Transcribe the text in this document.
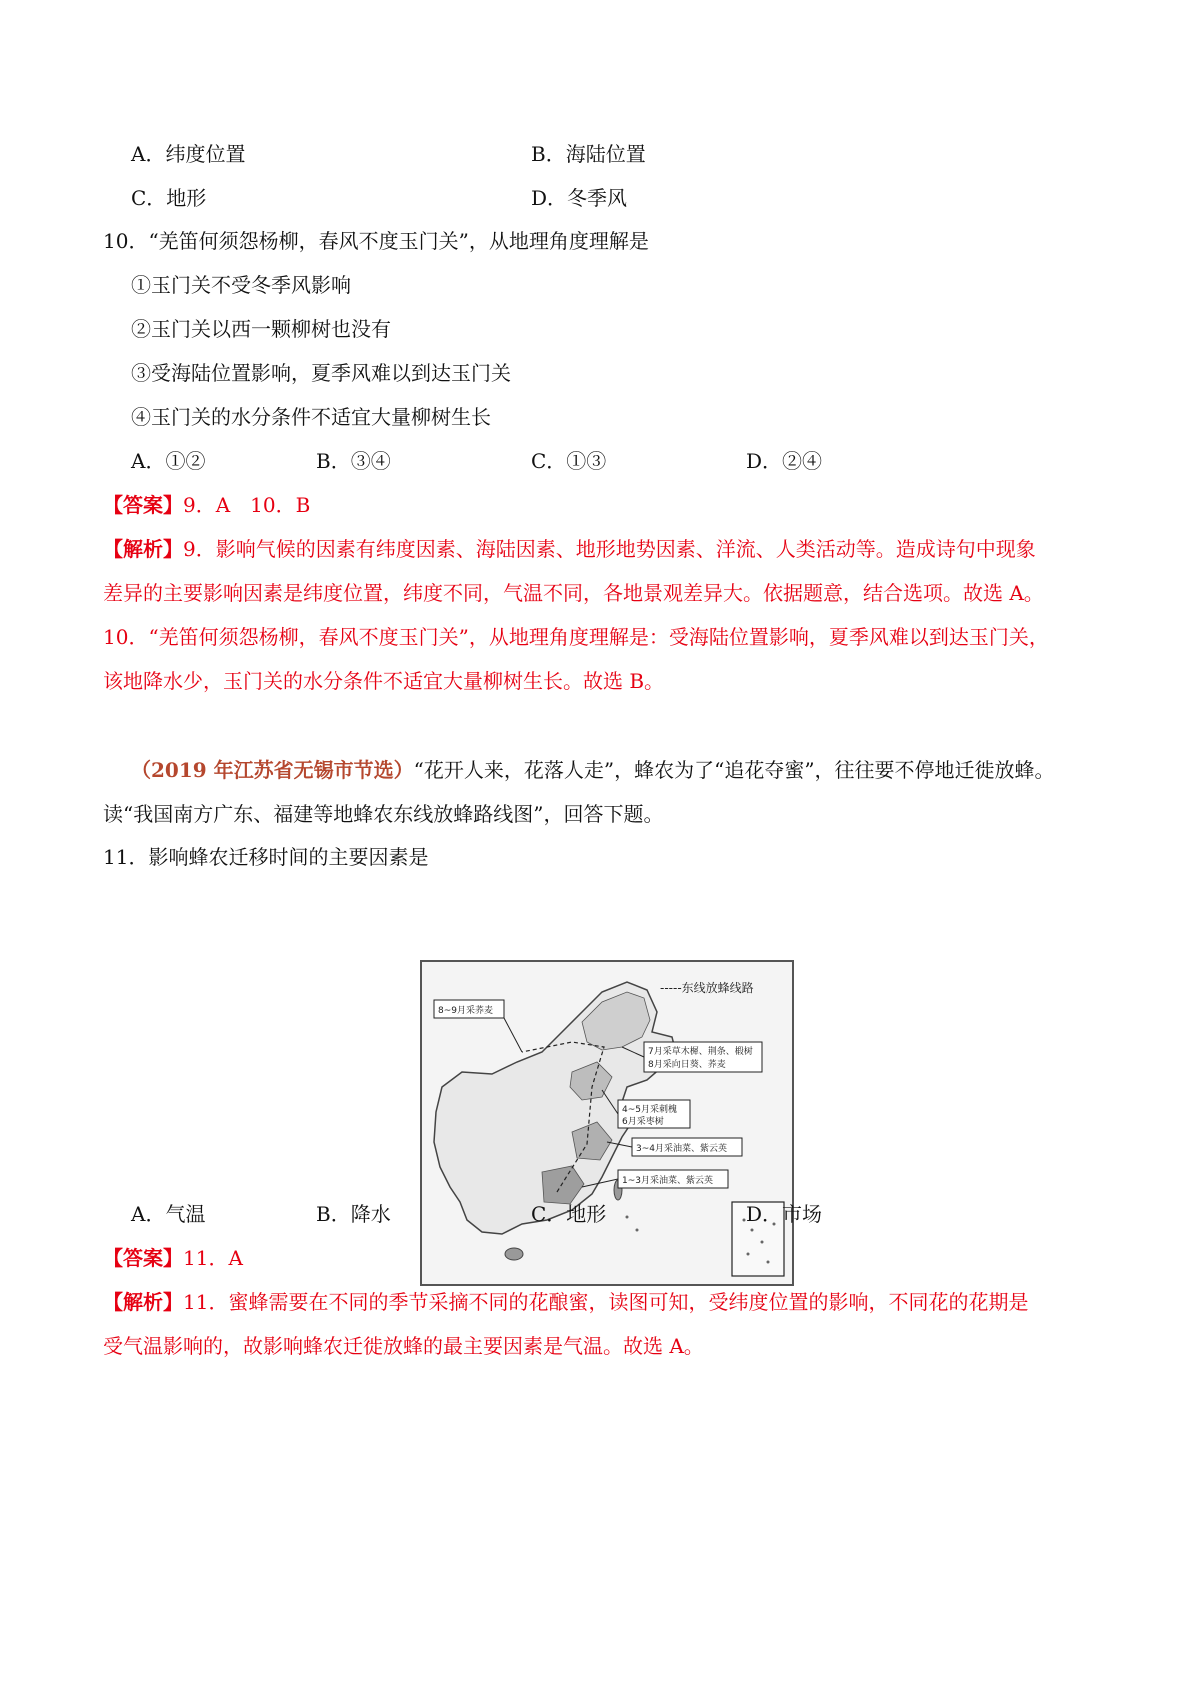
A．纬度位置	B．海陆位置
C．地形	D．冬季风
10．“羌笛何须怨杨柳，春风不度玉门关”，从地理角度理解是
①玉门关不受冬季风影响
②玉门关以西一颗柳树也没有
③受海陆位置影响，夏季风难以到达玉门关
④玉门关的水分条件不适宜大量柳树生长
A．①②	B．③④	C．①③	D．②④
【答案】9．A　10．B
【解析】9．影响气候的因素有纬度因素、海陆因素、地形地势因素、洋流、人类活动等。造成诗句中现象
差异的主要影响因素是纬度位置，纬度不同，气温不同，各地景观差异大。依据题意，结合选项。故选 A。
10．“羌笛何须怨杨柳，春风不度玉门关”，从地理角度理解是：受海陆位置影响，夏季风难以到达玉门关，
该地降水少，玉门关的水分条件不适宜大量柳树生长。故选 B。
（2019 年江苏省无锡市节选）“花开人来，花落人走”，蜂农为了“追花夺蜜”，往往要不停地迁徙放蜂。
读“我国南方广东、福建等地蜂农东线放蜂路线图”，回答下题。
11．影响蜂农迁移时间的主要因素是
-----东线放蜂线路
8~9月采荞麦
7月采草木樨、荆条、椴树
8月采向日葵、荞麦
4~5月采刺槐
6月采枣树
3~4月采油菜、紫云英
1~3月采油菜、紫云英
A．气温	B．降水	C．地形	D．市场
【答案】11．A
【解析】11．蜜蜂需要在不同的季节采摘不同的花酿蜜，读图可知，受纬度位置的影响，不同花的花期是
受气温影响的，故影响蜂农迁徙放蜂的最主要因素是气温。故选 A。
